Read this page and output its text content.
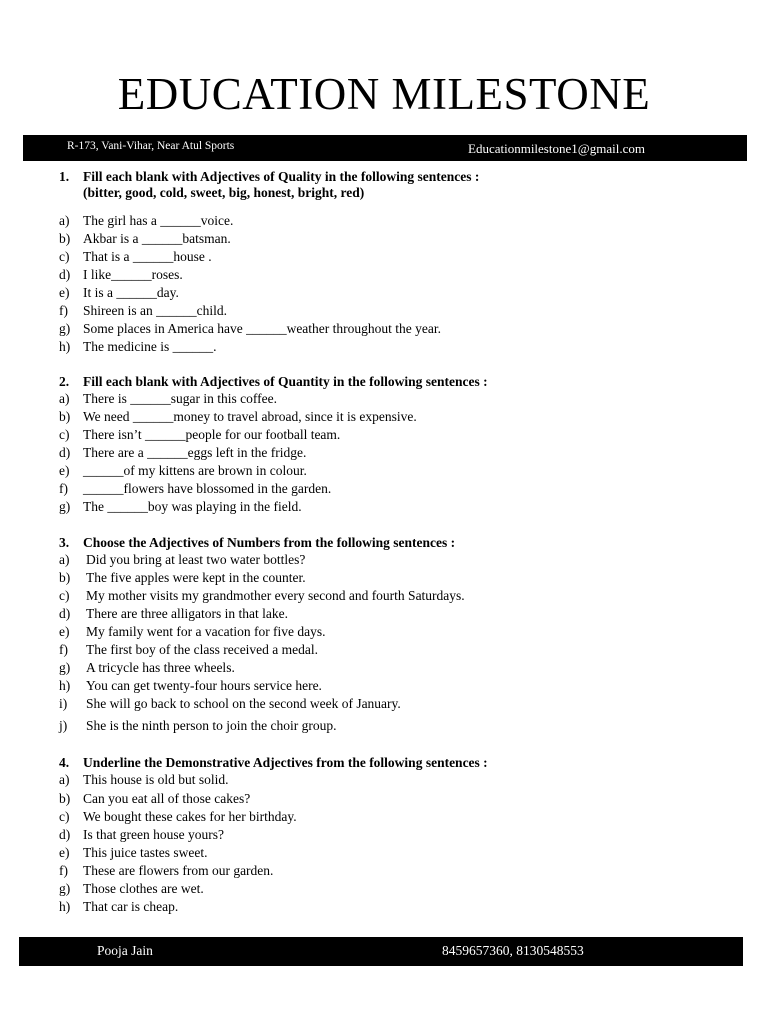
EDUCATION MILESTONE
R-173, Vani-Vihar, Near Atul Sports	Educationmilestone1@gmail.com
1. Fill each blank with Adjectives of Quality in the following sentences :
(bitter, good, cold, sweet, big, honest, bright, red)
a) The girl has a ______voice.
b) Akbar is a ______batsman.
c) That is a ______house .
d) I like______roses.
e) It is a ______day.
f) Shireen is an ______child.
g) Some places in America have ______weather throughout the year.
h) The medicine is ______.
2. Fill each blank with Adjectives of Quantity in the following sentences :
a) There is ______sugar in this coffee.
b) We need ______money to travel abroad, since it is expensive.
c) There isn’t ______people for our football team.
d) There are a ______eggs left in the fridge.
e) ______of my kittens are brown in colour.
f) ______flowers have blossomed in the garden.
g) The ______boy was playing in the field.
3. Choose the Adjectives of Numbers from the following sentences :
a) Did you bring at least two water bottles?
b) The five apples were kept in the counter.
c) My mother visits my grandmother every second and fourth Saturdays.
d) There are three alligators in that lake.
e) My family went for a vacation for five days.
f) The first boy of the class received a medal.
g) A tricycle has three wheels.
h) You can get twenty-four hours service here.
i) She will go back to school on the second week of January.
j) She is the ninth person to join the choir group.
4. Underline the Demonstrative Adjectives from the following sentences :
a) This house is old but solid.
b) Can you eat all of those cakes?
c) We bought these cakes for her birthday.
d) Is that green house yours?
e) This juice tastes sweet.
f) These are flowers from our garden.
g) Those clothes are wet.
h) That car is cheap.
Pooja Jain	8459657360, 8130548553
